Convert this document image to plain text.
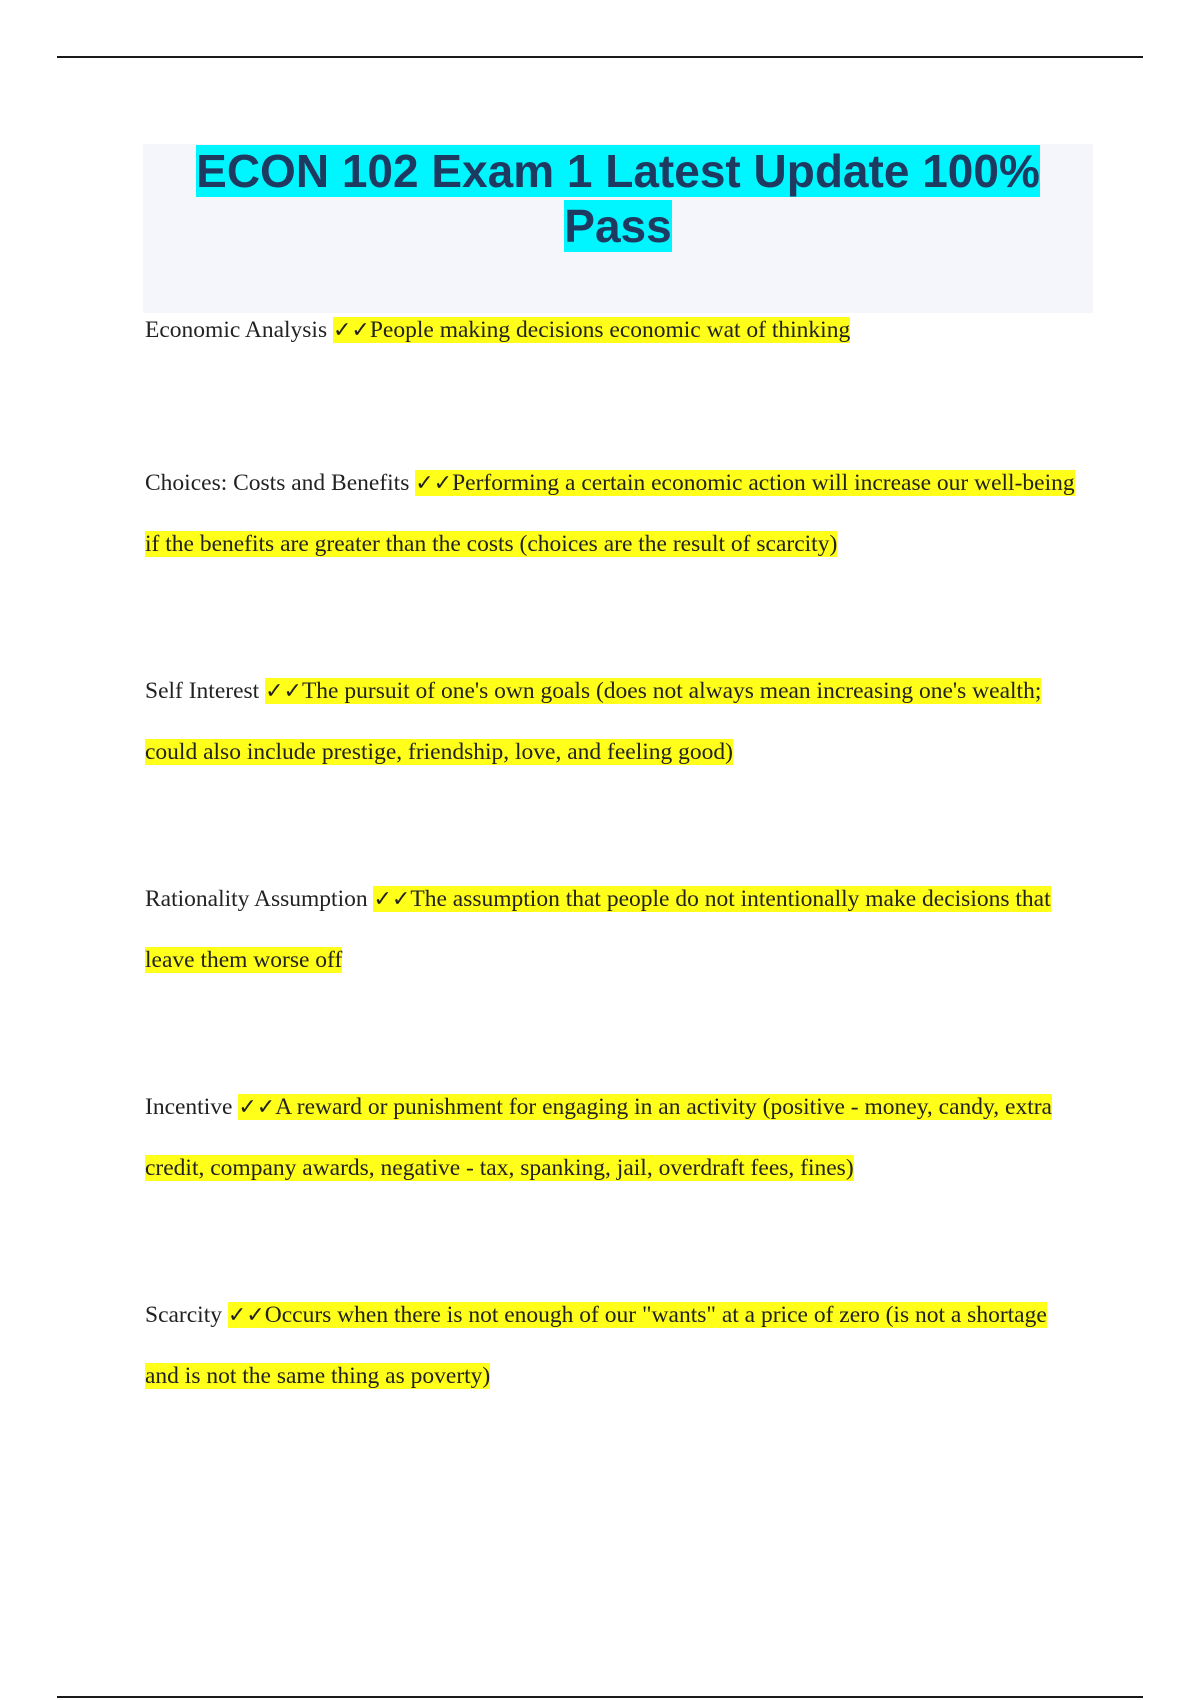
ECON 102 Exam 1 Latest Update 100% Pass

Economic Analysis ✓✓People making decisions economic wat of thinking

Choices: Costs and Benefits ✓✓Performing a certain economic action will increase our well-being if the benefits are greater than the costs (choices are the result of scarcity)

Self Interest ✓✓The pursuit of one's own goals (does not always mean increasing one's wealth; could also include prestige, friendship, love, and feeling good)

Rationality Assumption ✓✓The assumption that people do not intentionally make decisions that leave them worse off

Incentive ✓✓A reward or punishment for engaging in an activity (positive - money, candy, extra credit, company awards, negative - tax, spanking, jail, overdraft fees, fines)

Scarcity ✓✓Occurs when there is not enough of our "wants" at a price of zero (is not a shortage and is not the same thing as poverty)
